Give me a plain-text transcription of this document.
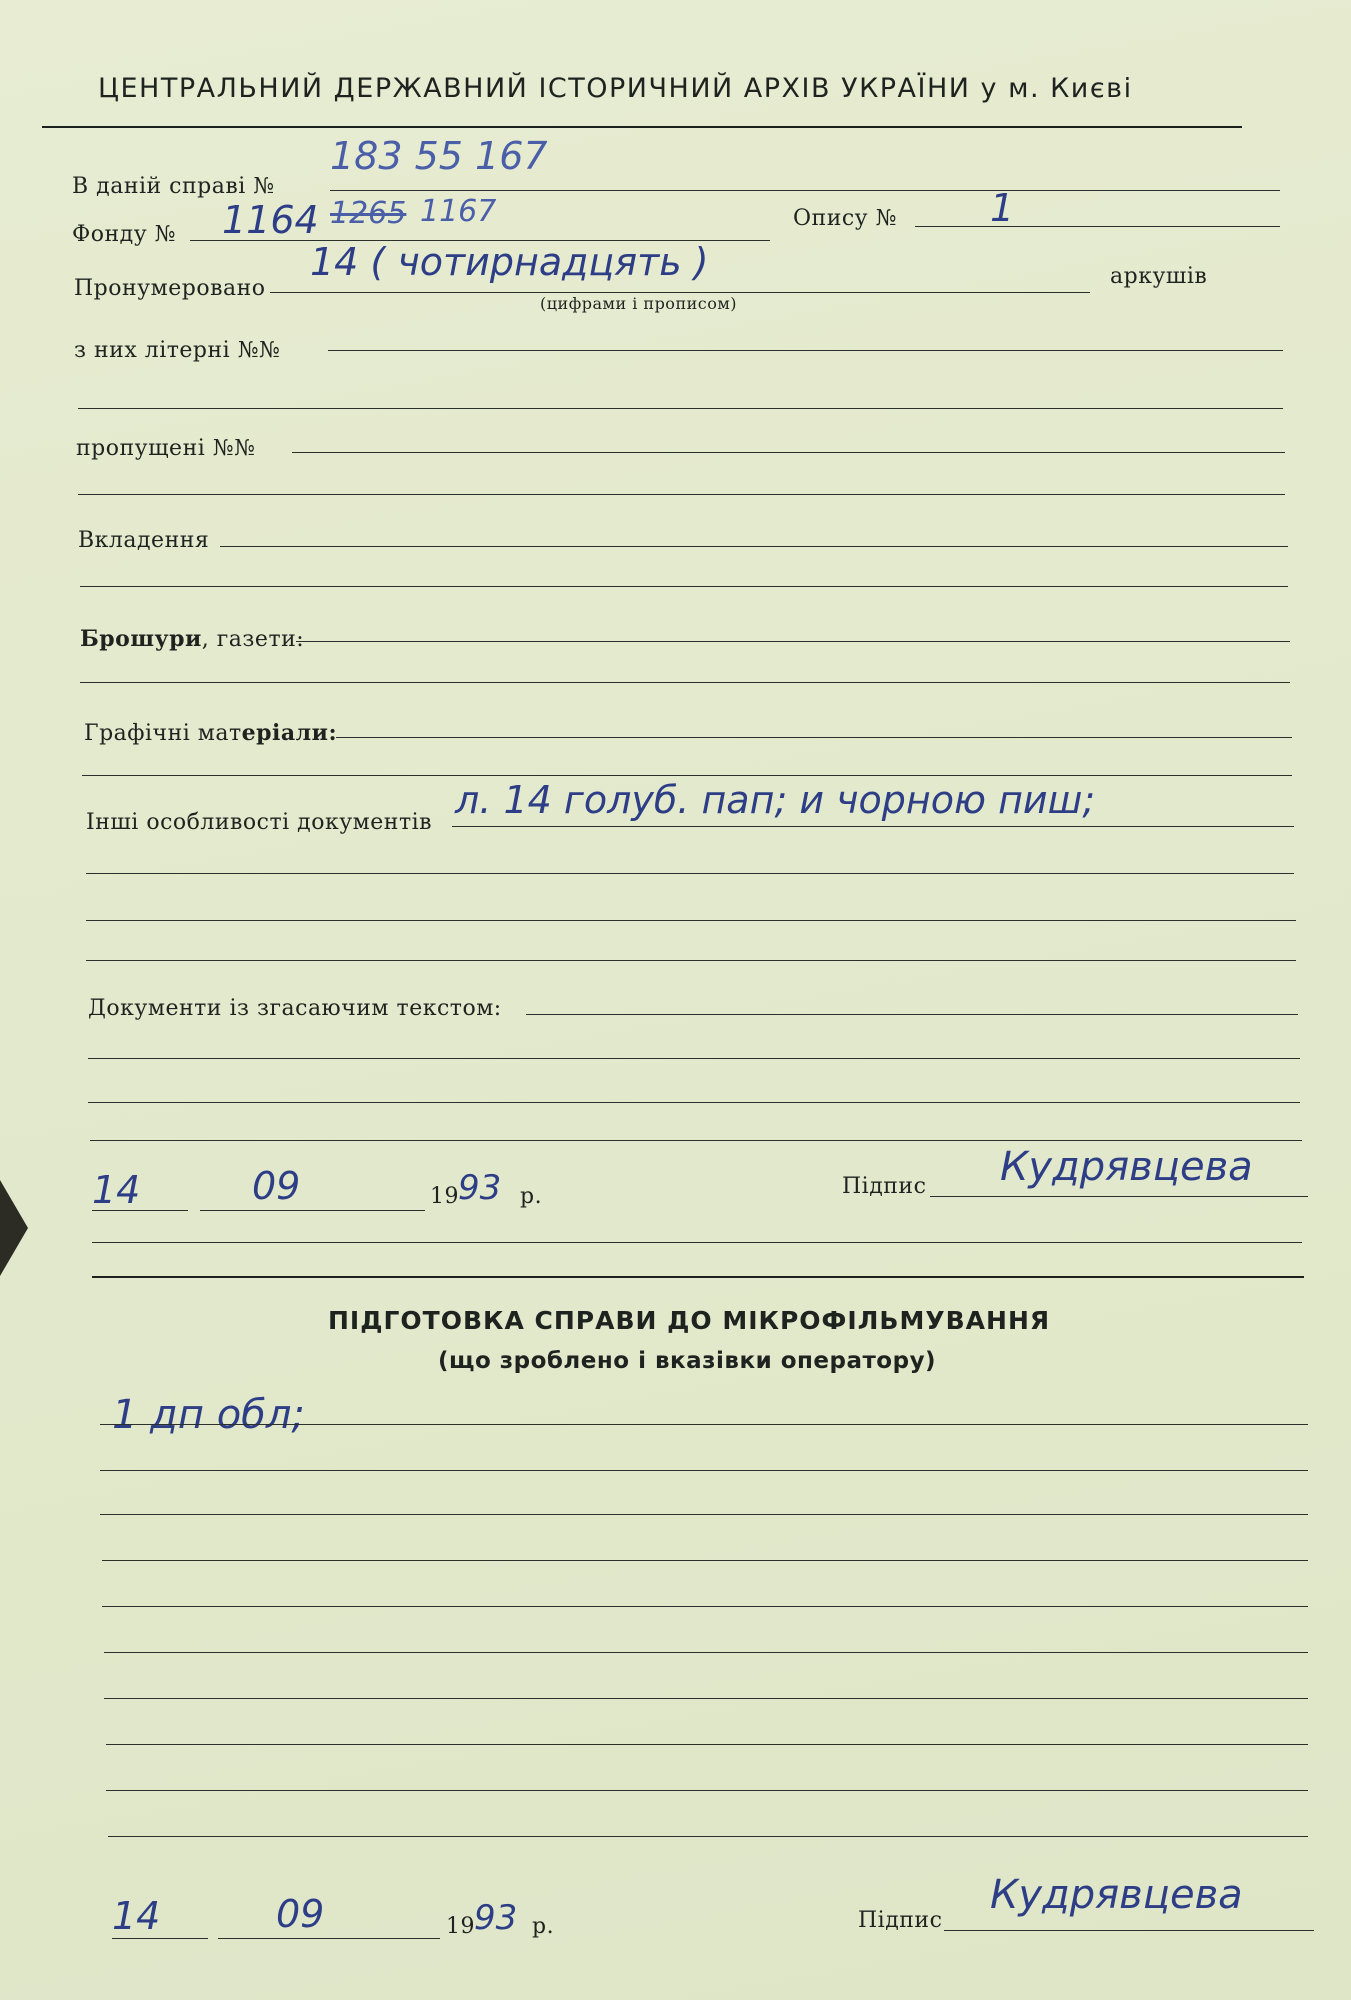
ЦЕНТРАЛЬНИЙ ДЕРЖАВНИЙ ІСТОРИЧНИЙ АРХІВ УКРАЇНИ у м. Києві
В даній справі №
183 55 167
Фонду № 1164 1265 1167	Опису № 1
Пронумеровано
14 ( чотирнадцять )
(цифрами і прописом)
аркушів
з них літерні №№
пропущені №№
Вкладення
Брошури, газети:
Графічні матеріали:
Інші особливості документів
л. 14 голуб. пап; и чорною пиш;
Документи із згасаючим текстом:
14	09	19 93 р.	Підпис Кудрявцева
ПІДГОТОВКА СПРАВИ ДО МІКРОФІЛЬМУВАННЯ
(що зроблено і вказівки оператору)
1 дп обл;
14	09	19 93 р.	Підпис
Кудрявцева
